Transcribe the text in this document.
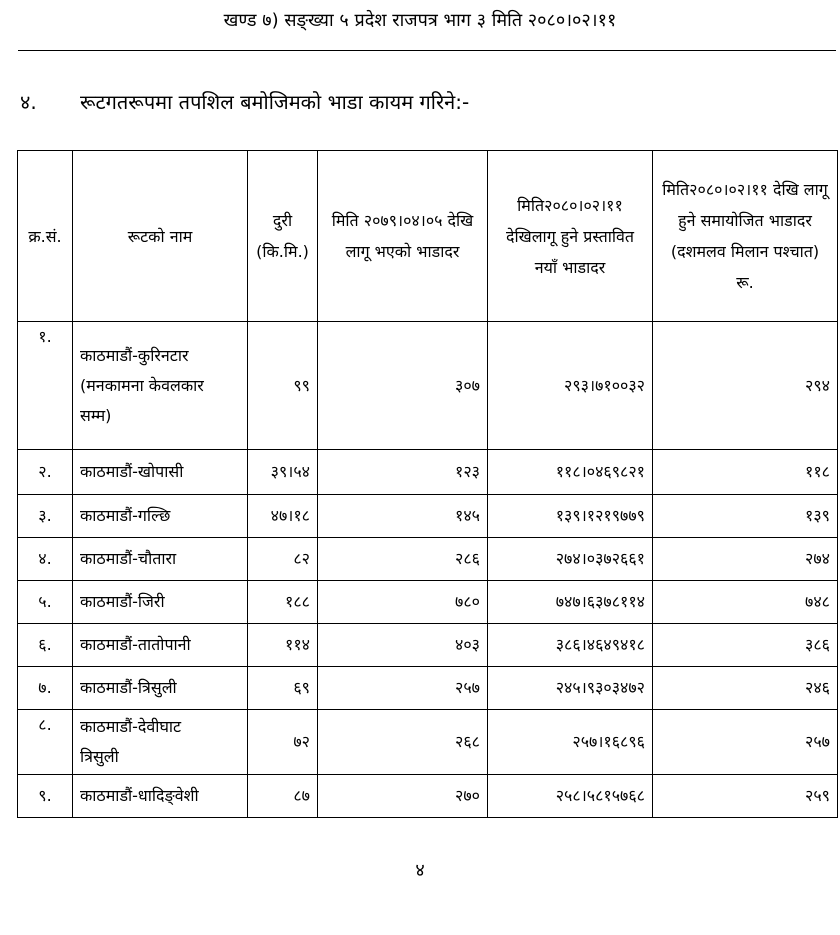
खण्ड ७) सङ्ख्या ५ प्रदेश राजपत्र भाग ३ मिति २०८०।०२।११
४. रूटगतरूपमा तपशिल बमोजिमको भाडा कायम गरिने:-
क्र.सं.	रूटको नाम	दुरी
(कि.मि.)	मिति २०७९।०४।०५ देखि लागू भएको भाडादर	मिति२०८०।०२।११ देखिलागू हुने प्रस्तावित नयाँ भाडादर	मिति२०८०।०२।११ देखि लागू हुने समायोजित भाडादर (दशमलव मिलान पश्चात) रू.
१.	काठमाडौं-कुरिनटार
(मनकामना केवलकार
सम्म)	९९	३०७	२९३।७१००३२	२९४
२.	काठमाडौं-खोपासी	३९।५४	१२३	११८।०४६९८२१	११८
३.	काठमाडौं-गल्छि	४७।१८	१४५	१३९।१२१९७७९	१३९
४.	काठमाडौं-चौतारा	८२	२८६	२७४।०३७२६६१	२७४
५.	काठमाडौं-जिरी	१८८	७८०	७४७।६३७८११४	७४८
६.	काठमाडौं-तातोपानी	११४	४०३	३८६।४६४९४१८	३८६
७.	काठमाडौं-त्रिसुली	६९	२५७	२४५।९३०३४७२	२४६
८.	काठमाडौं-देवीघाट
त्रिसुली	७२	२६८	२५७।१६८९६	२५७
९.	काठमाडौं-धादिङ्वेशी	८७	२७०	२५८।५८१५७६८	२५९
४
